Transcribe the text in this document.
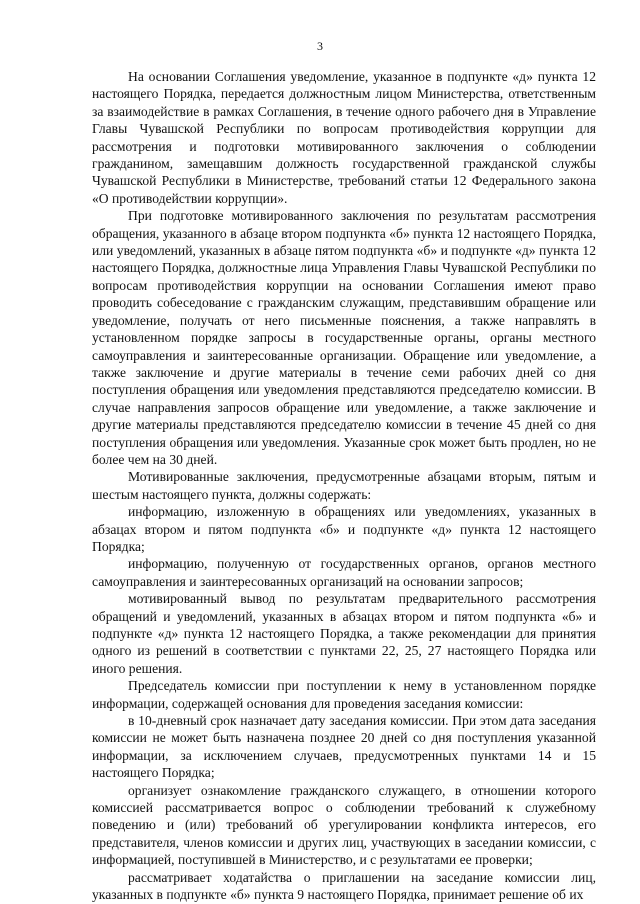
3

На основании Соглашения уведомление, указанное в подпункте «д» пункта 12 настоящего Порядка, передается должностным лицом Министерства, ответственным за взаимодействие в рамках Соглашения, в течение одного рабочего дня в Управление Главы Чувашской Республики по вопросам противодействия коррупции для рассмотрения и подготовки мотивированного заключения о соблюдении гражданином, замещавшим должность государственной гражданской службы Чувашской Республики в Министерстве, требований статьи 12 Федерального закона «О противодействии коррупции».

При подготовке мотивированного заключения по результатам рассмотрения обращения, указанного в абзаце втором подпункта «б» пункта 12 настоящего Порядка, или уведомлений, указанных в абзаце пятом подпункта «б» и подпункте «д» пункта 12 настоящего Порядка, должностные лица Управления Главы Чувашской Республики по вопросам противодействия коррупции на основании Соглашения имеют право проводить собеседование с гражданским служащим, представившим обращение или уведомление, получать от него письменные пояснения, а также направлять в установленном порядке запросы в государственные органы, органы местного самоуправления и заинтересованные организации. Обращение или уведомление, а также заключение и другие материалы в течение семи рабочих дней со дня поступления обращения или уведомления представляются председателю комиссии. В случае направления запросов обращение или уведомление, а также заключение и другие материалы представляются председателю комиссии в течение 45 дней со дня поступления обращения или уведомления. Указанные срок может быть продлен, но не более чем на 30 дней.

Мотивированные заключения, предусмотренные абзацами вторым, пятым и шестым настоящего пункта, должны содержать:

информацию, изложенную в обращениях или уведомлениях, указанных в абзацах втором и пятом подпункта «б» и подпункте «д» пункта 12 настоящего Порядка;

информацию, полученную от государственных органов, органов местного самоуправления и заинтересованных организаций на основании запросов;

мотивированный вывод по результатам предварительного рассмотрения обращений и уведомлений, указанных в абзацах втором и пятом подпункта «б» и подпункте «д» пункта 12 настоящего Порядка, а также рекомендации для принятия одного из решений в соответствии с пунктами 22, 25, 27 настоящего Порядка или иного решения.

Председатель комиссии при поступлении к нему в установленном порядке информации, содержащей основания для проведения заседания комиссии:

в 10-дневный срок назначает дату заседания комиссии. При этом дата заседания комиссии не может быть назначена позднее 20 дней со дня поступления указанной информации, за исключением случаев, предусмотренных пунктами 14 и 15 настоящего Порядка;

организует ознакомление гражданского служащего, в отношении которого комиссией рассматривается вопрос о соблюдении требований к служебному поведению и (или) требований об урегулировании конфликта интересов, его представителя, членов комиссии и других лиц, участвующих в заседании комиссии, с информацией, поступившей в Министерство, и с результатами ее проверки;

рассматривает ходатайства о приглашении на заседание комиссии лиц, указанных в подпункте «б» пункта 9 настоящего Порядка, принимает решение об их
